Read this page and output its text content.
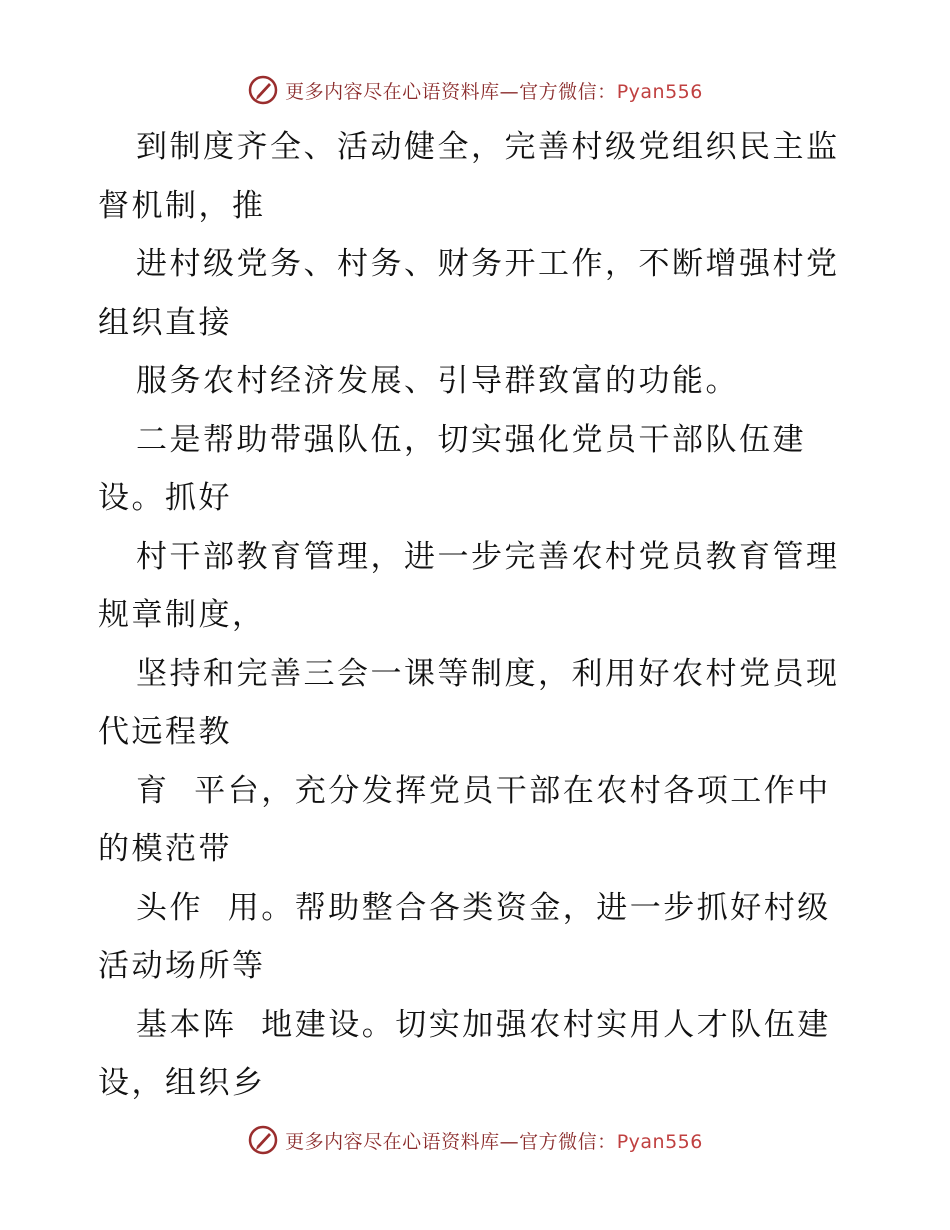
更多内容尽在心语资料库—官方微信：Pyan556
到制度齐全、活动健全，完善村级党组织民主监
督机制，推
进村级党务、村务、财务开工作，不断增强村党
组织直接
服务农村经济发展、引导群致富的功能。
二是帮助带强队伍，切实强化党员干部队伍建
设。抓好
村干部教育管理，进一步完善农村党员教育管理
规章制度，
坚持和完善三会一课等制度，利用好农村党员现
代远程教
育  平台，充分发挥党员干部在农村各项工作中
的模范带
头作  用。帮助整合各类资金，进一步抓好村级
活动场所等
基本阵  地建设。切实加强农村实用人才队伍建
设，组织乡
更多内容尽在心语资料库—官方微信：Pyan556
